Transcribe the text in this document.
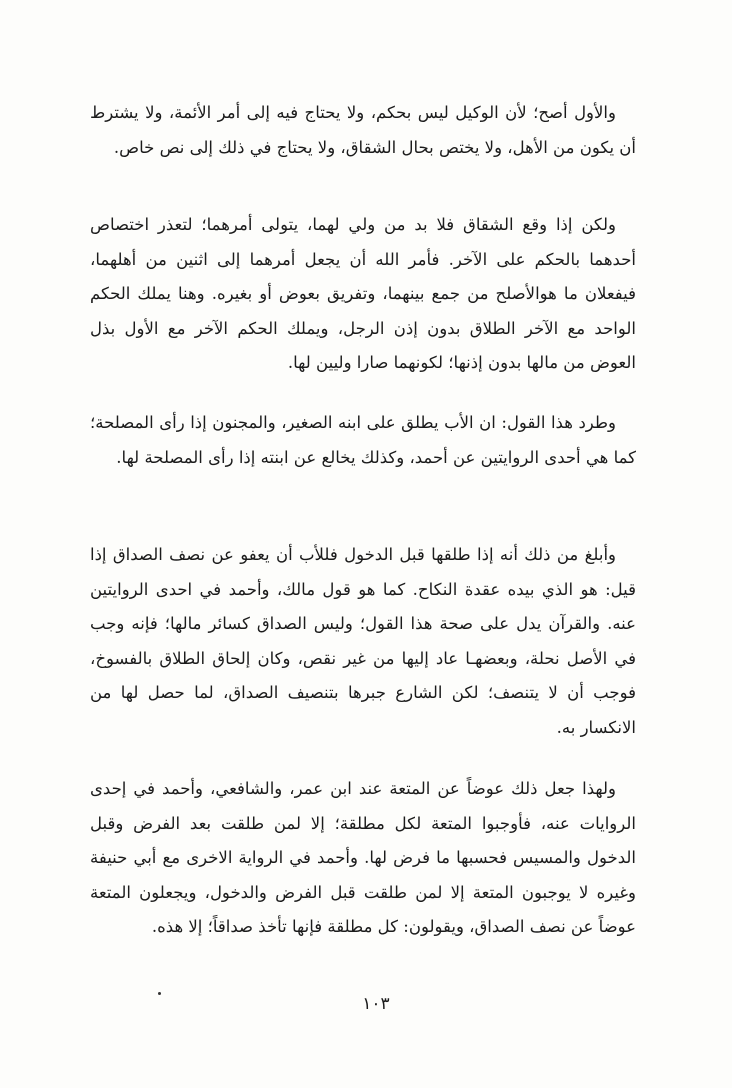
والأول أصح؛ لأن الوكيل ليس بحكم، ولا يحتاج فيه إلى أمر الأئمة، ولا يشترط أن يكون من الأهل، ولا يختص بحال الشقاق، ولا يحتاج في ذلك إلى نص خاص.

ولكن إذا وقع الشقاق فلا بد من ولي لهما، يتولى أمرهما؛ لتعذر اختصاص أحدهما بالحكم على الآخر. فأمر الله أن يجعل أمرهما إلى اثنين من أهلهما، فيفعلان ما هوالأصلح من جمع بينهما، وتفريق بعوض أو بغيره. وهنا يملك الحكم الواحد مع الآخر الطلاق بدون إذن الرجل، ويملك الحكم الآخر مع الأول بذل العوض من مالها بدون إذنها؛ لكونهما صارا وليين لها.

وطرد هذا القول: ان الأب يطلق على ابنه الصغير، والمجنون إذا رأى المصلحة؛ كما هي أحدى الروايتين عن أحمد، وكذلك يخالع عن ابنته إذا رأى المصلحة لها.

وأبلغ من ذلك أنه إذا طلقها قبل الدخول فللأب أن يعفو عن نصف الصداق إذا قيل: هو الذي بيده عقدة النكاح. كما هو قول مالك، وأحمد في احدى الروايتين عنه. والقرآن يدل على صحة هذا القول؛ وليس الصداق كسائر مالها؛ فإنه وجب في الأصل نحلة، وبعضهـا عاد إليها من غير نقص، وكان إلحاق الطلاق بالفسوخ، فوجب أن لا يتنصف؛ لكن الشارع جبرها بتنصيف الصداق، لما حصل لها من الانكسار به.

ولهذا جعل ذلك عوضاً عن المتعة عند ابن عمر، والشافعي، وأحمد في إحدى الروايات عنه، فأوجبوا المتعة لكل مطلقة؛ إلا لمن طلقت بعد الفرض وقبل الدخول والمسيس فحسبها ما فرض لها. وأحمد في الرواية الاخرى مع أبي حنيفة وغيره لا يوجبون المتعة إلا لمن طلقت قبل الفرض والدخول، ويجعلون المتعة عوضاً عن نصف الصداق، ويقولون: كل مطلقة فإنها تأخذ صداقاً؛ إلا هذه.

١٠٣
